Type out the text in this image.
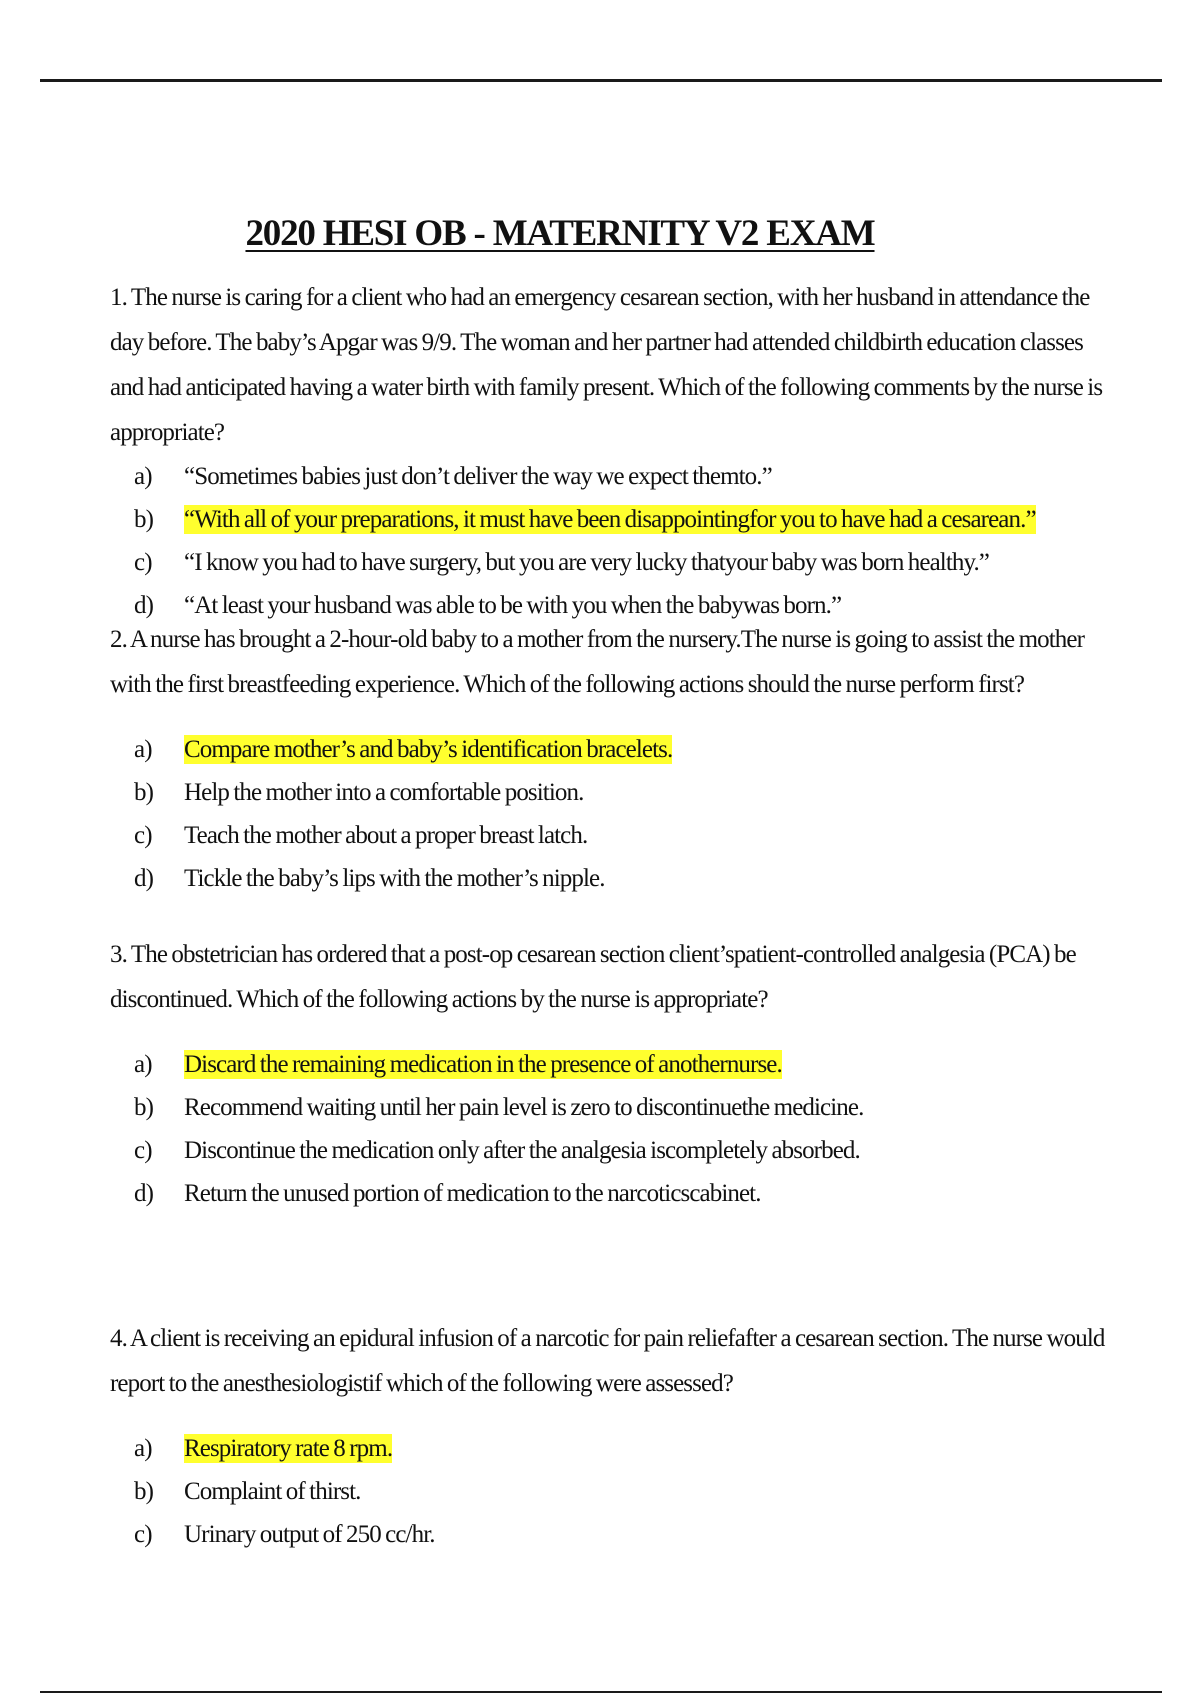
2020 HESI OB - MATERNITY V2 EXAM

1. The nurse is caring for a client who had an emergency cesarean section, with her husband in attendance the day before. The baby’s Apgar was 9/9. The woman and her partner had attended childbirth education classes and had anticipated having a water birth with family present. Which of the following comments by the nurse is appropriate?

a) “Sometimes babies just don’t deliver the way we expect themto.”
b) “With all of your preparations, it must have been disappointingfor you to have had a cesarean.”
c) “I know you had to have surgery, but you are very lucky thatyour baby was born healthy.”
d) “At least your husband was able to be with you when the babywas born.”

2. A nurse has brought a 2-hour-old baby to a mother from the nursery.The nurse is going to assist the mother with the first breastfeeding experience. Which of the following actions should the nurse perform first?

a) Compare mother’s and baby’s identification bracelets.
b) Help the mother into a comfortable position.
c) Teach the mother about a proper breast latch.
d) Tickle the baby’s lips with the mother’s nipple.

3. The obstetrician has ordered that a post-op cesarean section client’spatient-controlled analgesia (PCA) be discontinued. Which of the following actions by the nurse is appropriate?

a) Discard the remaining medication in the presence of anothernurse.
b) Recommend waiting until her pain level is zero to discontinuethe medicine.
c) Discontinue the medication only after the analgesia iscompletely absorbed.
d) Return the unused portion of medication to the narcoticscabinet.

4. A client is receiving an epidural infusion of a narcotic for pain reliefafter a cesarean section. The nurse would report to the anesthesiologistif which of the following were assessed?

a) Respiratory rate 8 rpm.
b) Complaint of thirst.
c) Urinary output of 250 cc/hr.
